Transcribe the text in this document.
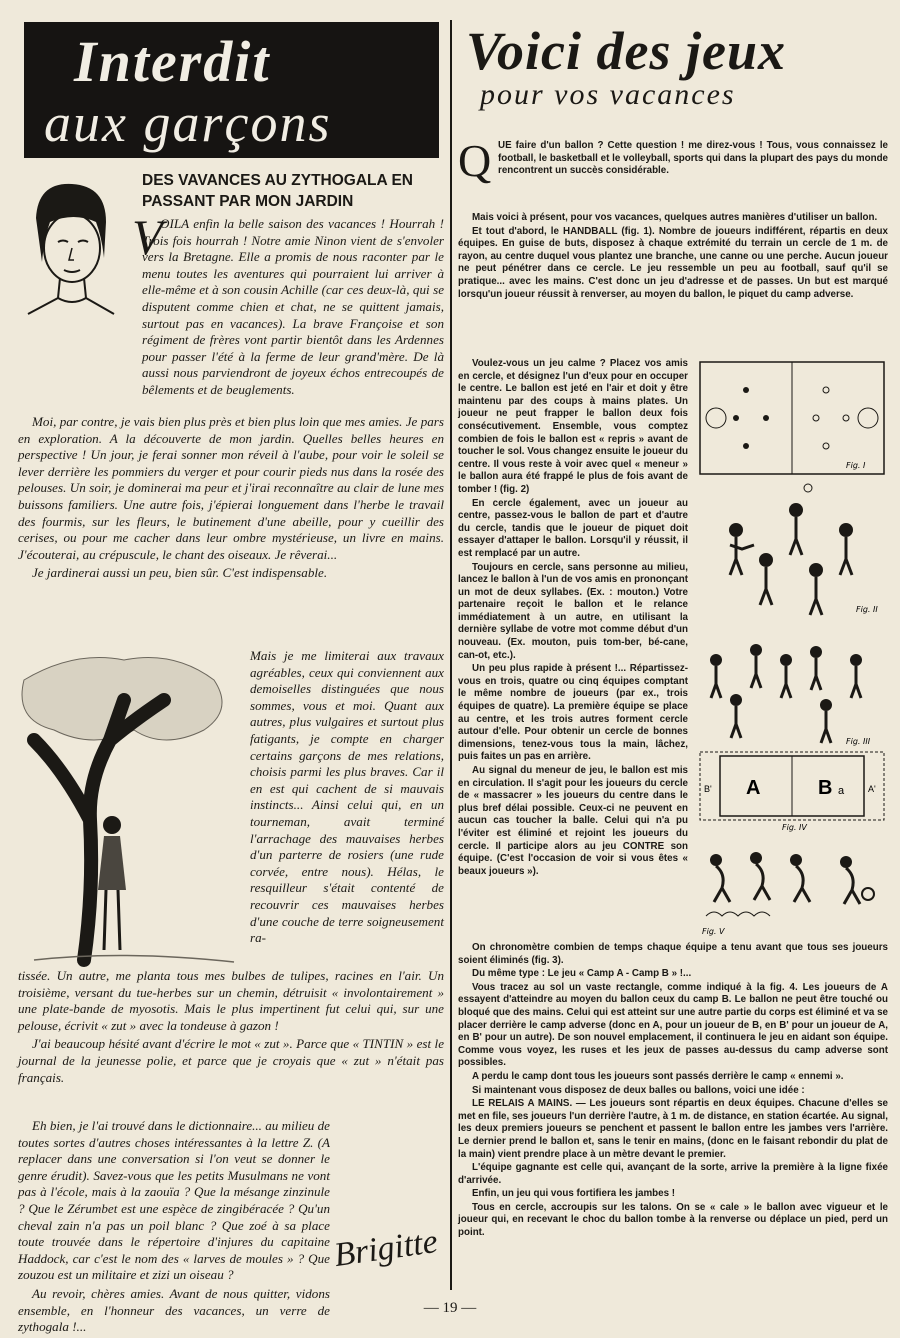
Interdit
aux garçons
DES VAVANCES AU ZYTHOGALA EN PASSANT PAR MON JARDIN
V

OILA enfin la belle saison des vacances ! Hourrah ! Trois fois hourrah ! Notre amie Ninon vient de s'envoler vers la Bretagne. Elle a promis de nous raconter par le menu toutes les aventures qui pourraient lui arriver à elle-même et à son cousin Achille (car ces deux-là, qui se disputent comme chien et chat, ne se quittent jamais, surtout pas en vacances). La brave Françoise et son régiment de frères vont partir bientôt dans les Ardennes pour passer l'été à la ferme de leur grand'mère. De là aussi nous parviendront de joyeux échos entrecoupés de bêlements et de beuglements.

Moi, par contre, je vais bien plus près et bien plus loin que mes amies. Je pars en exploration. A la découverte de mon jardin. Quelles belles heures en perspective ! Un jour, je ferai sonner mon réveil à l'aube, pour voir le soleil se lever derrière les pommiers du verger et pour courir pieds nus dans la rosée des pelouses. Un soir, je dominerai ma peur et j'irai reconnaître au clair de lune mes buissons familiers. Une autre fois, j'épierai longuement dans l'herbe le travail des fourmis, sur les fleurs, le butinement d'une abeille, pour y cueillir des cerises, ou pour me cacher dans leur ombre mystérieuse, un livre en mains. J'écouterai, au crépuscule, le chant des oiseaux. Je rêverai...

Je jardinerai aussi un peu, bien sûr. C'est indispensable.

Mais je me limiterai aux travaux agréables, ceux qui conviennent aux demoiselles distinguées que nous sommes, vous et moi. Quant aux autres, plus vulgaires et surtout plus fatigants, je compte en charger certains garçons de mes relations, choisis parmi les plus braves. Car il en est qui cachent de si mauvais instincts... Ainsi celui qui, en un tourneman, avait terminé l'arrachage des mauvaises herbes d'un parterre de rosiers (une rude corvée, entre nous). Hélas, le resquilleur s'était contenté de recouvrir ces mauvaises herbes d'une couche de terre soigneusement ra-

tissée. Un autre, me planta tous mes bulbes de tulipes, racines en l'air. Un troisième, versant du tue-herbes sur un chemin, détruisit « involontairement » une plate-bande de myosotis. Mais le plus impertinent fut celui qui, sur une pelouse, écrivit « zut » avec la tondeuse à gazon !

J'ai beaucoup hésité avant d'écrire le mot « zut ». Parce que « TINTIN » est le journal de la jeunesse polie, et parce que je croyais que « zut » n'était pas français.

Eh bien, je l'ai trouvé dans le dictionnaire... au milieu de toutes sortes d'autres choses intéressantes à la lettre Z. (A replacer dans une conversation si l'on veut se donner le genre érudit). Savez-vous que les petits Musulmans ne vont pas à l'école, mais à la zaouïa ? Que la mésange zinzinule ? Que le Zérumbet est une espèce de zingibéracée ? Qu'un cheval zain n'a pas un poil blanc ? Que zoé à sa place toute trouvée dans le répertoire d'injures du capitaine Haddock, car c'est le nom des « larves de moules » ? Que zouzou est un militaire et zizi un oiseau ?

Au revoir, chères amies. Avant de nous quitter, vidons ensemble, en l'honneur des vacances, un verre de zythogala !...

Brigitte
Voici des jeux
pour vos vacances
Q UE faire d'un ballon ? Cette question ! me direz-vous ! Tous, vous connaissez le football, le basketball et le volleyball, sports qui dans la plupart des pays du monde rencontrent un succès considérable.

Mais voici à présent, pour vos vacances, quelques autres manières d'utiliser un ballon.

Et tout d'abord, le HANDBALL (fig. 1). Nombre de joueurs indifférent, répartis en deux équipes. En guise de buts, disposez à chaque extrémité du terrain un cercle de 1 m. de rayon, au centre duquel vous plantez une branche, une canne ou une perche. Aucun joueur ne peut pénétrer dans ce cercle. Le jeu ressemble un peu au football, sauf qu'il se pratique... avec les mains. C'est donc un jeu d'adresse et de passes. Un but est marqué lorsqu'un joueur réussit à renverser, au moyen du ballon, le piquet du camp adverse.

Voulez-vous un jeu calme ? Placez vos amis en cercle, et désignez l'un d'eux pour en occuper le centre. Le ballon est jeté en l'air et doit y être maintenu par des coups à mains plates. Un joueur ne peut frapper le ballon deux fois consécutivement. Ensemble, vous comptez combien de fois le ballon est « repris » avant de toucher le sol. Vous changez ensuite le joueur du centre. Il vous reste à voir avec quel « meneur » le ballon aura été frappé le plus de fois avant de tomber ! (fig. 2)

En cercle également, avec un joueur au centre, passez-vous le ballon de part et d'autre du cercle, tandis que le joueur de piquet doit essayer d'attaper le ballon. Lorsqu'il y réussit, il est remplacé par un autre.

Toujours en cercle, sans personne au milieu, lancez le ballon à l'un de vos amis en prononçant un mot de deux syllabes. (Ex. : mouton.) Votre partenaire reçoit le ballon et le relance immédiatement à un autre, en utilisant la dernière syllabe de votre mot comme début d'un nouveau. (Ex. mouton, puis tom-ber, bé-cane, can-ot, etc.).

Un peu plus rapide à présent !... Répartissez-vous en trois, quatre ou cinq équipes comptant le même nombre de joueurs (par ex., trois équipes de quatre). La première équipe se place au centre, et les trois autres forment cercle autour d'elle. Pour obtenir un cercle de bonnes dimensions, tenez-vous tous la main, lâchez, puis faites un pas en arrière.

Au signal du meneur de jeu, le ballon est mis en circulation. Il s'agit pour les joueurs du cercle de « massacrer » les joueurs du centre dans le plus bref délai possible. Ceux-ci ne peuvent en aucun cas toucher la balle. Celui qui n'a pu l'éviter est éliminé et rejoint les joueurs du cercle. Il participe alors au jeu CONTRE son équipe. (C'est l'occasion de voir si vous êtes « beaux joueurs »).

Fig. I
Fig. II
Fig. III
A	B a	A'
B'
Fig. IV
Fig. V

On chronomètre combien de temps chaque équipe a tenu avant que tous ses joueurs soient éliminés (fig. 3).

Du même type : Le jeu « Camp A - Camp B » !...

Vous tracez au sol un vaste rectangle, comme indiqué à la fig. 4. Les joueurs de A essayent d'atteindre au moyen du ballon ceux du camp B. Le ballon ne peut être touché ou bloqué que des mains. Celui qui est atteint sur une autre partie du corps est éliminé et va se placer derrière le camp adverse (donc en A, pour un joueur de B, en B' pour un joueur de A, en B' pour un autre). De son nouvel emplacement, il continuera le jeu en aidant son équipe. Comme vous voyez, les ruses et les jeux de passes au-dessus du camp adverse sont possibles.

A perdu le camp dont tous les joueurs sont passés derrière le camp « ennemi ».

Si maintenant vous disposez de deux balles ou ballons, voici une idée :

LE RELAIS A MAINS. — Les joueurs sont répartis en deux équipes. Chacune d'elles se met en file, ses joueurs l'un derrière l'autre, à 1 m. de distance, en station écartée. Au signal, les deux premiers joueurs se penchent et passent le ballon entre les jambes vers l'arrière. Le dernier prend le ballon et, sans le tenir en mains, (donc en le faisant rebondir du plat de la main) vient prendre place à un mètre devant le premier.

L'équipe gagnante est celle qui, avançant de la sorte, arrive la première à la ligne fixée d'arrivée.

Enfin, un jeu qui vous fortifiera les jambes !

Tous en cercle, accroupis sur les talons. On se « cale » le ballon avec vigueur et le joueur qui, en recevant le choc du ballon tombe à la renverse ou déplace un pied, perd un point.

— 19 —
